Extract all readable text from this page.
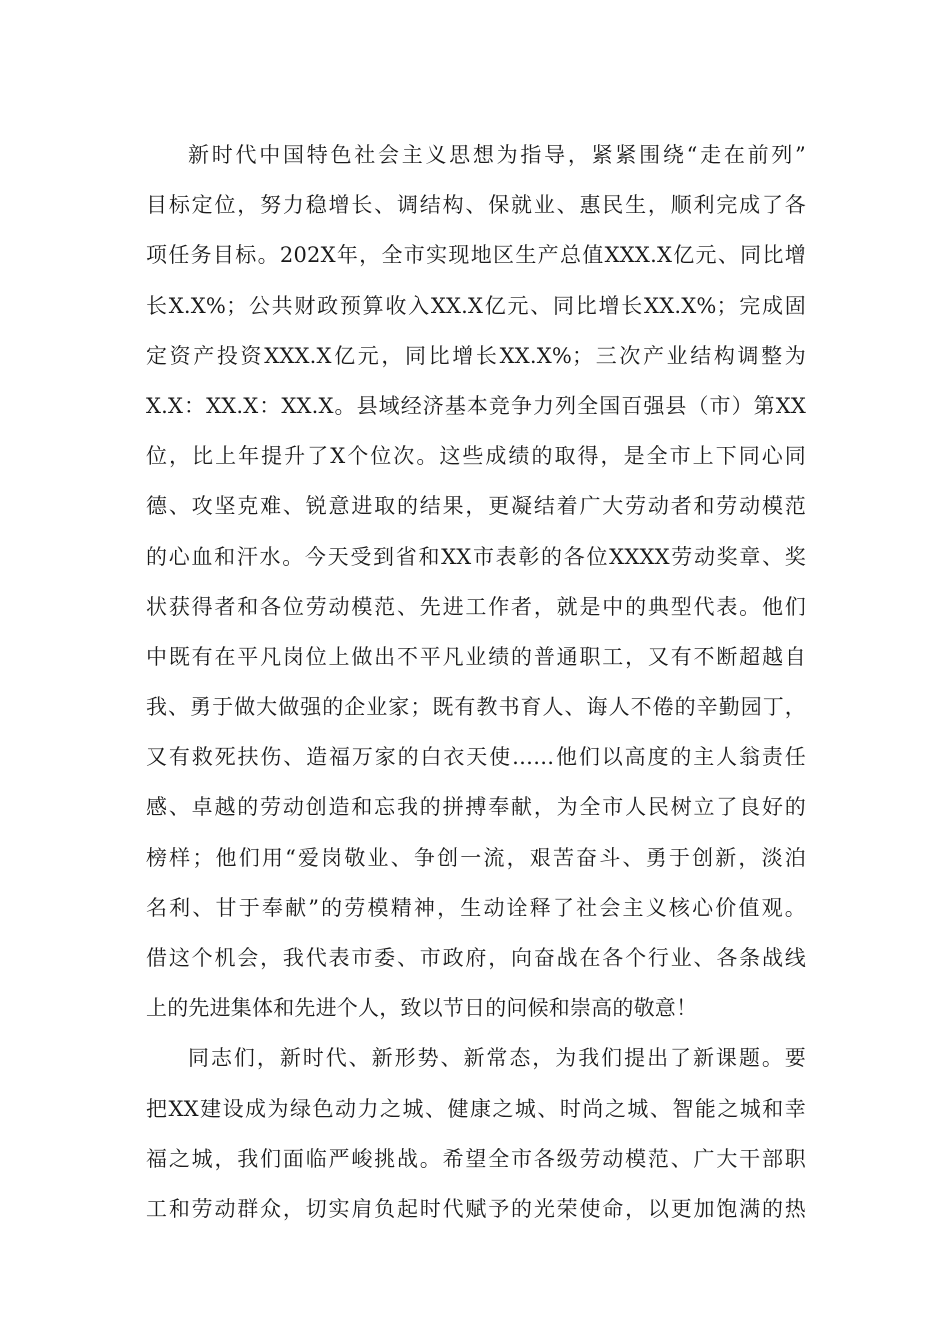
新时代中国特色社会主义思想为指导，紧紧围绕“走在前列”
目标定位，努力稳增长、调结构、保就业、惠民生，顺利完成了各
项任务目标。202X年，全市实现地区生产总值XXX.X亿元、同比增
长X.X%；公共财政预算收入XX.X亿元、同比增长XX.X%；完成固
定资产投资XXX.X亿元，同比增长XX.X%；三次产业结构调整为
X.X：XX.X：XX.X。县域经济基本竞争力列全国百强县（市）第XX
位，比上年提升了X个位次。这些成绩的取得，是全市上下同心同
德、攻坚克难、锐意进取的结果，更凝结着广大劳动者和劳动模范
的心血和汗水。今天受到省和XX市表彰的各位XXXX劳动奖章、奖
状获得者和各位劳动模范、先进工作者，就是中的典型代表。他们
中既有在平凡岗位上做出不平凡业绩的普通职工，又有不断超越自
我、勇于做大做强的企业家；既有教书育人、诲人不倦的辛勤园丁，
又有救死扶伤、造福万家的白衣天使……他们以高度的主人翁责任
感、卓越的劳动创造和忘我的拼搏奉献，为全市人民树立了良好的
榜样；他们用“爱岗敬业、争创一流，艰苦奋斗、勇于创新，淡泊
名利、甘于奉献”的劳模精神，生动诠释了社会主义核心价值观。
借这个机会，我代表市委、市政府，向奋战在各个行业、各条战线
上的先进集体和先进个人，致以节日的问候和崇高的敬意！
同志们，新时代、新形势、新常态，为我们提出了新课题。要
把XX建设成为绿色动力之城、健康之城、时尚之城、智能之城和幸
福之城，我们面临严峻挑战。希望全市各级劳动模范、广大干部职
工和劳动群众，切实肩负起时代赋予的光荣使命，以更加饱满的热
